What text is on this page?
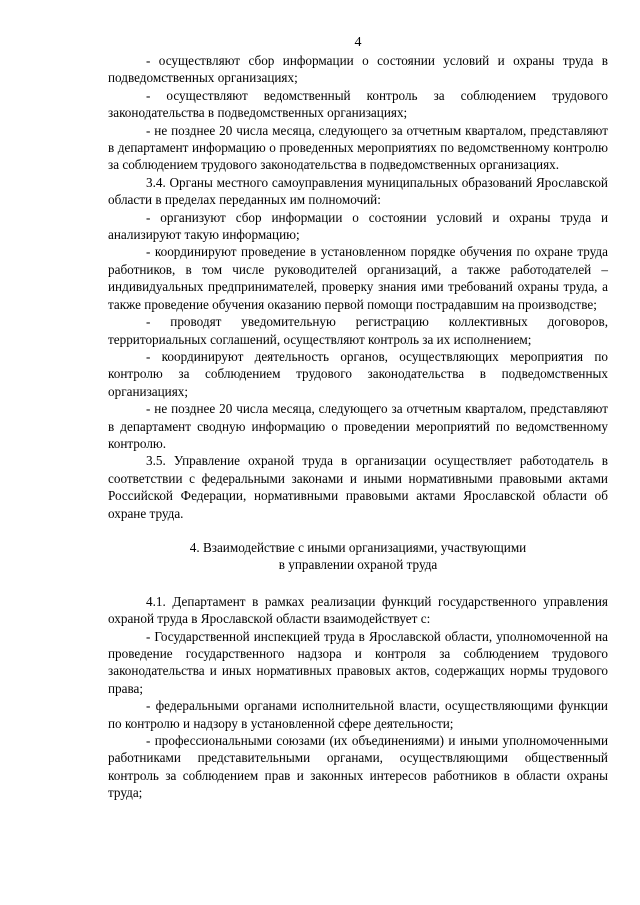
4

- осуществляют сбор информации о состоянии условий и охраны труда в подведомственных организациях;

- осуществляют ведомственный контроль за соблюдением трудового законодательства в подведомственных организациях;

- не позднее 20 числа месяца, следующего за отчетным кварталом, представляют в департамент информацию о проведенных мероприятиях по ведомственному контролю за соблюдением трудового законодательства в подведомственных организациях.

3.4. Органы местного самоуправления муниципальных образований Ярославской области в пределах переданных им полномочий:

- организуют сбор информации о состоянии условий и охраны труда и анализируют такую информацию;

- координируют проведение в установленном порядке обучения по охране труда работников, в том числе руководителей организаций, а также работодателей – индивидуальных предпринимателей, проверку знания ими требований охраны труда, а также проведение обучения оказанию первой помощи пострадавшим на производстве;

- проводят уведомительную регистрацию коллективных договоров, территориальных соглашений, осуществляют контроль за их исполнением;

- координируют деятельность органов, осуществляющих мероприятия по контролю за соблюдением трудового законодательства в подведомственных организациях;

- не позднее 20 числа месяца, следующего за отчетным кварталом, представляют в департамент сводную информацию о проведении мероприятий по ведомственному контролю.

3.5. Управление охраной труда в организации осуществляет работодатель в соответствии с федеральными законами и иными нормативными правовыми актами Российской Федерации, нормативными правовыми актами Ярославской области об охране труда.

4. Взаимодействие с иными организациями, участвующими
в управлении охраной труда

4.1. Департамент в рамках реализации функций государственного управления охраной труда в Ярославской области взаимодействует с:

- Государственной инспекцией труда в Ярославской области, уполномоченной на проведение государственного надзора и контроля за соблюдением трудового законодательства и иных нормативных правовых актов, содержащих нормы трудового права;

- федеральными органами исполнительной власти, осуществляющими функции по контролю и надзору в установленной сфере деятельности;

- профессиональными союзами (их объединениями) и иными уполномоченными работниками представительными органами, осуществляющими общественный контроль за соблюдением прав и законных интересов работников в области охраны труда;
